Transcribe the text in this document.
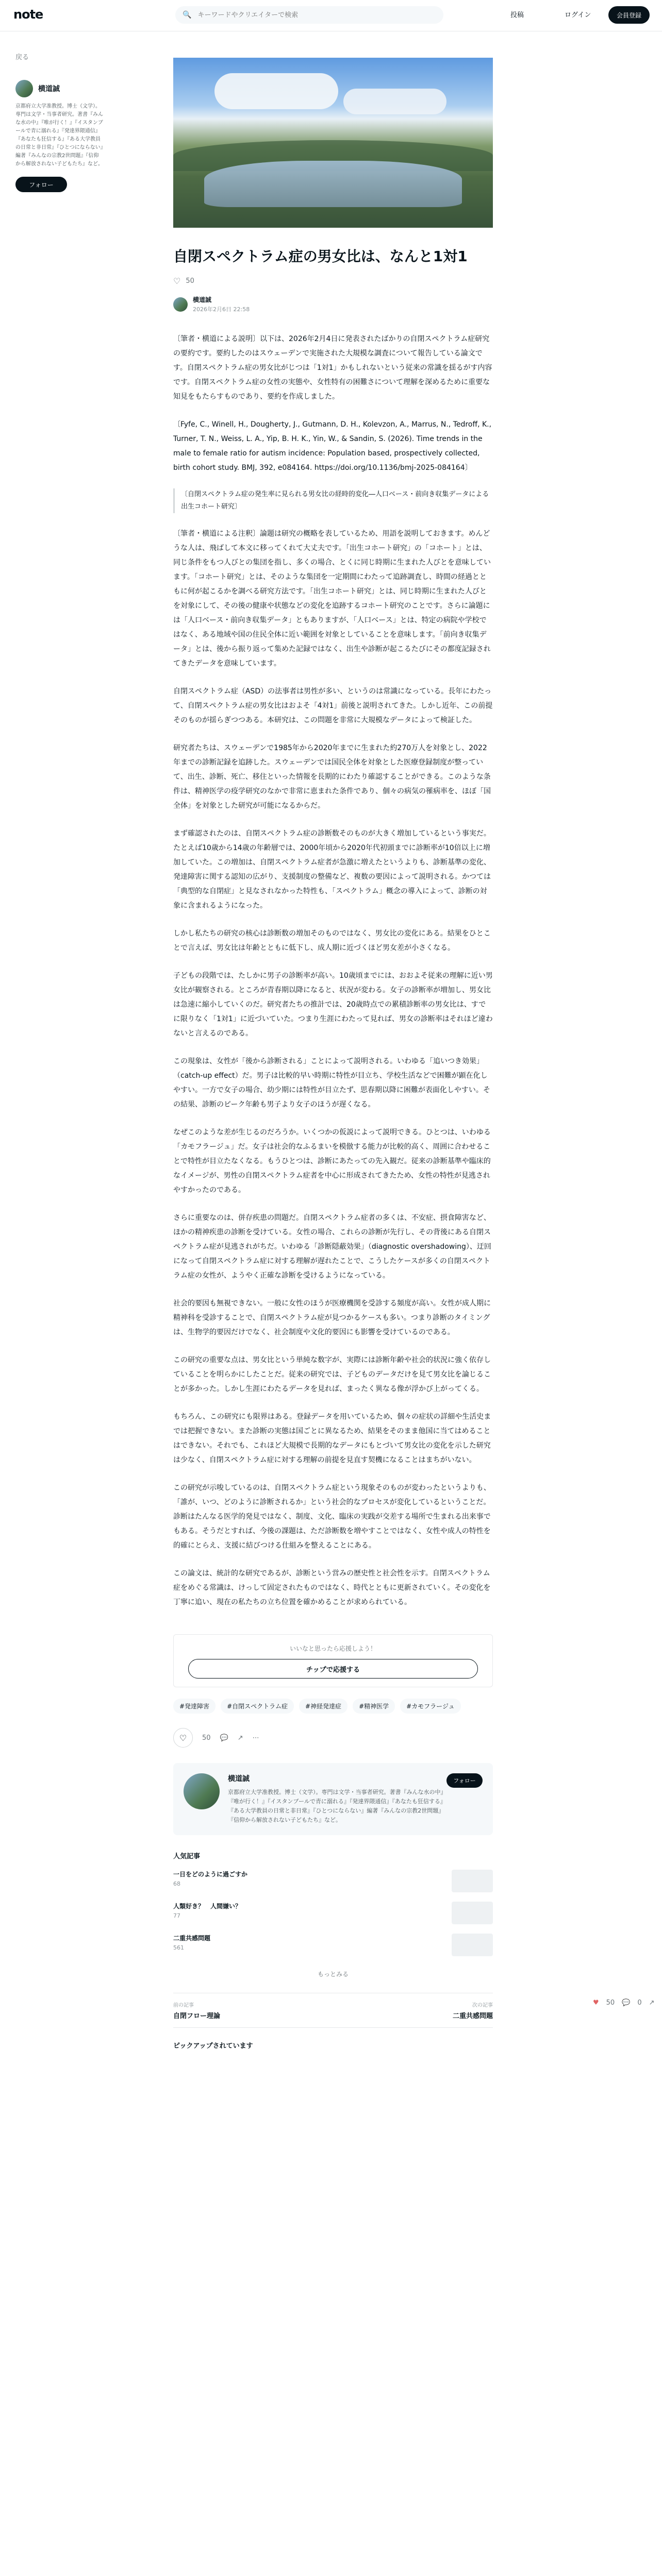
note	🔍
キーワードやクリエイターで検索	投稿	ログイン	会員登録
戻る
横道誠
京都府立大学准教授。博士（文学）。専門は文学・当事者研究。著書『みんな水の中』『唯が行く！』『イスタンブールで青に溺れる』『発達界隈通信』『あなたも狂信する』『ある大学教員の日常と非日常』『ひとつにならない』編著『みんなの宗教2世問題』『信仰から解放されない子どもたち』など。
フォロー
自閉スペクトラム症の男女比は、なんと1対1
♡ 50
横道誠
2026年2月6日 22:58

〔筆者・横道による説明〕以下は、2026年2月4日に発表されたばかりの自閉スペクトラム症研究の要約です。要約したのはスウェーデンで実施された大規模な調査について報告している論文です。自閉スペクトラム症の男女比がじつは「1対1」かもしれないという従来の常識を揺るがす内容です。自閉スペクトラム症の女性の実態や、女性特有の困難さについて理解を深めるために重要な知見をもたらすものであり、要約を作成しました。

〔Fyfe, C., Winell, H., Dougherty, J., Gutmann, D. H., Kolevzon, A., Marrus, N., Tedroff, K., Turner, T. N., Weiss, L. A., Yip, B. H. K., Yin, W., & Sandin, S. (2026). Time trends in the male to female ratio for autism incidence: Population based, prospectively collected, birth cohort study. BMJ, 392, e084164. https://doi.org/10.1136/bmj-2025-084164〕

〔自閉スペクトラム症の発生率に見られる男女比の経時的変化―人口ベース・前向き収集データによる出生コホート研究〕

〔筆者・横道による注釈〕論題は研究の概略を表しているため、用語を説明しておきます。めんどうな人は、飛ばして本文に移ってくれて大丈夫です。「出生コホート研究」の「コホート」とは、同じ条件をもつ人びとの集団を指し、多くの場合、とくに同じ時期に生まれた人びとを意味しています。「コホート研究」とは、そのような集団を一定期間にわたって追跡調査し、時間の経過とともに何が起こるかを調べる研究方法です。「出生コホート研究」とは、同じ時期に生まれた人びとを対象にして、その後の健康や状態などの変化を追跡するコホート研究のことです。さらに論題には「人口ベース・前向き収集データ」ともありますが、「人口ベース」とは、特定の病院や学校ではなく、ある地域や国の住民全体に近い範囲を対象としていることを意味します。「前向き収集データ」とは、後から振り返って集めた記録ではなく、出生や診断が起こるたびにその都度記録されてきたデータを意味しています。

自閉スペクトラム症（ASD）の法事者は男性が多い、というのは常識になっている。長年にわたって、自閉スペクトラム症の男女比はおよそ「4対1」前後と説明されてきた。しかし近年、この前提そのものが揺らぎつつある。本研究は、この問題を非常に大規模なデータによって検証した。

研究者たちは、スウェーデンで1985年から2020年までに生まれた約270万人を対象とし、2022年までの診断記録を追跡した。スウェーデンでは国民全体を対象とした医療登録制度が整っていて、出生、診断、死亡、移住といった情報を長期的にわたり確認することができる。このような条件は、精神医学の疫学研究のなかで非常に恵まれた条件であり、個々の病気の罹病率を、ほぼ「国全体」を対象とした研究が可能になるからだ。

まず確認されたのは、自閉スペクトラム症の診断数そのものが大きく増加しているという事実だ。たとえば10歳から14歳の年齢層では、2000年頃から2020年代初頭までに診断率が10倍以上に増加していた。この増加は、自閉スペクトラム症者が急激に増えたというよりも、診断基準の変化、発達障害に関する認知の広がり、支援制度の整備など、複数の要因によって説明される。かつては「典型的な自閉症」と見なされなかった特性も、「スペクトラム」概念の導入によって、診断の対象に含まれるようになった。

しかし私たちの研究の核心は診断数の増加そのものではなく、男女比の変化にある。結果をひとことで言えば、男女比は年齢とともに低下し、成人期に近づくほど男女差が小さくなる。

子どもの段階では、たしかに男子の診断率が高い。10歳頃までには、おおよそ従来の理解に近い男女比が観察される。ところが青春期以降になると、状況が変わる。女子の診断率が増加し、男女比は急速に縮小していくのだ。研究者たちの推計では、20歳時点での累積診断率の男女比は、すでに限りなく「1対1」に近づいていた。つまり生涯にわたって見れば、男女の診断率はそれほど違わないと言えるのである。

この現象は、女性が「後から診断される」ことによって説明される。いわゆる「追いつき効果」（catch-up effect）だ。男子は比較的早い時期に特性が目立ち、学校生活などで困難が顕在化しやすい。一方で女子の場合、幼少期には特性が目立たず、思春期以降に困難が表面化しやすい。その結果、診断のピーク年齢も男子より女子のほうが遅くなる。

なぜこのような差が生じるのだろうか。いくつかの仮説によって説明できる。ひとつは、いわゆる「カモフラージュ」だ。女子は社会的なふるまいを模倣する能力が比較的高く、周囲に合わせることで特性が目立たなくなる。もうひとつは、診断にあたっての先入観だ。従来の診断基準や臨床的なイメージが、男性の自閉スペクトラム症者を中心に形成されてきたため、女性の特性が見逃されやすかったのである。

さらに重要なのは、併存疾患の問題だ。自閉スペクトラム症者の多くは、不安症、摂食障害など、ほかの精神疾患の診断を受けている。女性の場合、これらの診断が先行し、その背後にある自閉スペクトラム症が見逃されがちだ。いわゆる「診断隠蔽効果」（diagnostic overshadowing）、迂回になって自閉スペクトラム症に対する理解が遅れたことで、こうしたケースが多くの自閉スペクトラム症の女性が、ようやく正確な診断を受けるようになっている。

社会的要因も無視できない。一般に女性のほうが医療機関を受診する頻度が高い。女性が成人期に精神科を受診することで、自閉スペクトラム症が見つかるケースも多い。つまり診断のタイミングは、生物学的要因だけでなく、社会制度や文化的要因にも影響を受けているのである。

この研究の重要な点は、男女比という単純な数字が、実際には診断年齢や社会的状況に強く依存していることを明らかにしたことだ。従来の研究では、子どものデータだけを見て男女比を論じることが多かった。しかし生涯にわたるデータを見れば、まったく異なる像が浮かび上がってくる。

もちろん、この研究にも限界はある。登録データを用いているため、個々の症状の詳細や生活史までは把握できない。また診断の実態は国ごとに異なるため、結果をそのまま他国に当てはめることはできない。それでも、これほど大規模で長期的なデータにもとづいて男女比の変化を示した研究は少なく、自閉スペクトラム症に対する理解の前提を見直す契機になることはまちがいない。

この研究が示唆しているのは、自閉スペクトラム症という現象そのものが変わったというよりも、「誰が、いつ、どのように診断されるか」という社会的なプロセスが変化しているということだ。診断はたんなる医学的発見ではなく、制度、文化、臨床の実践が交差する場所で生まれる出来事でもある。そうだとすれば、今後の課題は、ただ診断数を増やすことではなく、女性や成人の特性を的確にとらえ、支援に結びつける仕組みを整えることにある。

この論文は、統計的な研究であるが、診断という営みの歴史性と社会性を示す。自閉スペクトラム症をめぐる常識は、けっして固定されたものではなく、時代とともに更新されていく。その変化を丁寧に追い、現在の私たちの立ち位置を確かめることが求められている。

いいなと思ったら応援しよう！
チップで応援する
#発達障害	#自閉スペクトラム症	#神経発達症	#精神医学	#カモフラージュ
♡	50 💬 ↗ ⋯
横道誠
京都府立大学准教授。博士（文学）。専門は文学・当事者研究。著書『みんな水の中』『唯が行く！』『イスタンブールで青に溺れる』『発達界隈通信』『あなたも狂信する』『ある大学教員の日常と非日常』『ひとつにならない』編著『みんなの宗教2世問題』『信仰から解放されない子どもたち』など。
フォロー
人気記事
一日をどのように過ごすか
68
人類好き？　人間嫌い？
77
二重共感問題
561
もっとみる
前の記事
自閉フロー理論
次の記事
二重共感問題
ピックアップされています
♥ 50 💬 0 ↗
